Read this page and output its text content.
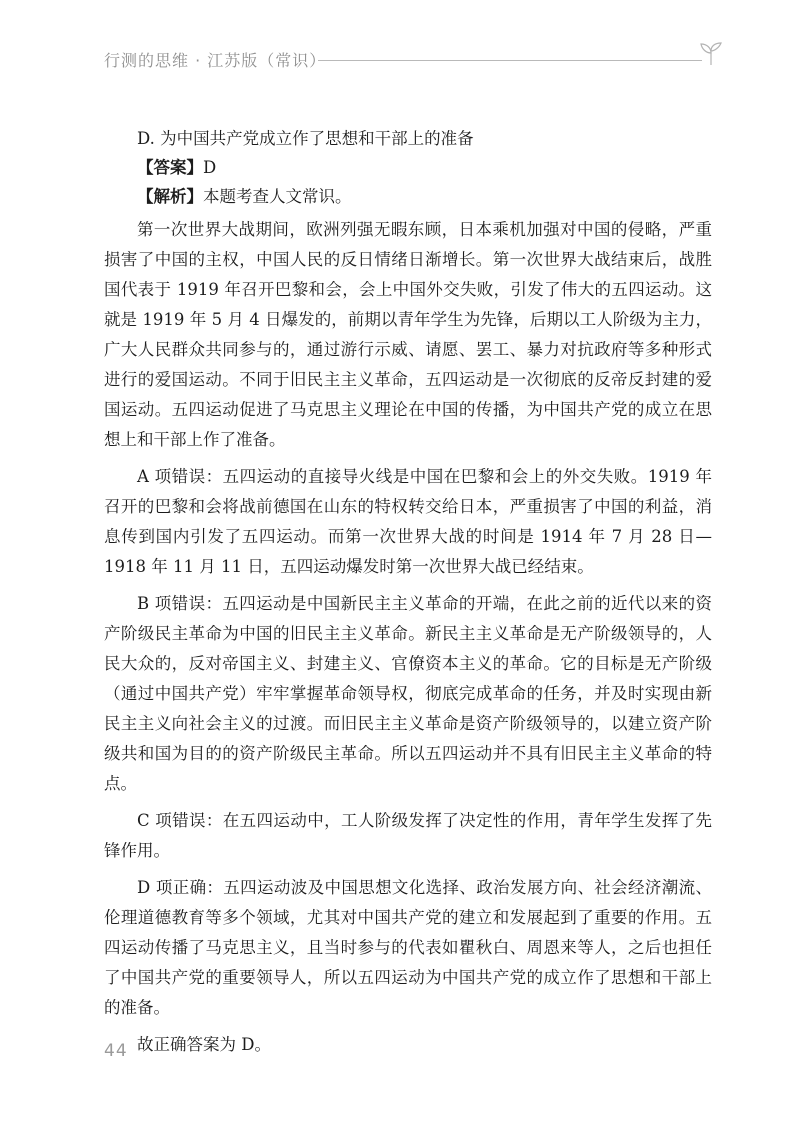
行测的思维 · 江苏版（常识）

D. 为中国共产党成立作了思想和干部上的准备

【答案】D

【解析】本题考查人文常识。

第一次世界大战期间，欧洲列强无暇东顾，日本乘机加强对中国的侵略，严重损害了中国的主权，中国人民的反日情绪日渐增长。第一次世界大战结束后，战胜国代表于 1919 年召开巴黎和会，会上中国外交失败，引发了伟大的五四运动。这就是 1919 年 5 月 4 日爆发的，前期以青年学生为先锋，后期以工人阶级为主力，广大人民群众共同参与的，通过游行示威、请愿、罢工、暴力对抗政府等多种形式进行的爱国运动。不同于旧民主主义革命，五四运动是一次彻底的反帝反封建的爱国运动。五四运动促进了马克思主义理论在中国的传播，为中国共产党的成立在思想上和干部上作了准备。

A 项错误：五四运动的直接导火线是中国在巴黎和会上的外交失败。1919 年召开的巴黎和会将战前德国在山东的特权转交给日本，严重损害了中国的利益，消息传到国内引发了五四运动。而第一次世界大战的时间是 1914 年 7 月 28 日—1918 年 11 月 11 日，五四运动爆发时第一次世界大战已经结束。

B 项错误：五四运动是中国新民主主义革命的开端，在此之前的近代以来的资产阶级民主革命为中国的旧民主主义革命。新民主主义革命是无产阶级领导的，人民大众的，反对帝国主义、封建主义、官僚资本主义的革命。它的目标是无产阶级（通过中国共产党）牢牢掌握革命领导权，彻底完成革命的任务，并及时实现由新民主主义向社会主义的过渡。而旧民主主义革命是资产阶级领导的，以建立资产阶级共和国为目的的资产阶级民主革命。所以五四运动并不具有旧民主主义革命的特点。

C 项错误：在五四运动中，工人阶级发挥了决定性的作用，青年学生发挥了先锋作用。

D 项正确：五四运动波及中国思想文化选择、政治发展方向、社会经济潮流、伦理道德教育等多个领域，尤其对中国共产党的建立和发展起到了重要的作用。五四运动传播了马克思主义，且当时参与的代表如瞿秋白、周恩来等人，之后也担任了中国共产党的重要领导人，所以五四运动为中国共产党的成立作了思想和干部上的准备。

故正确答案为 D。

44
